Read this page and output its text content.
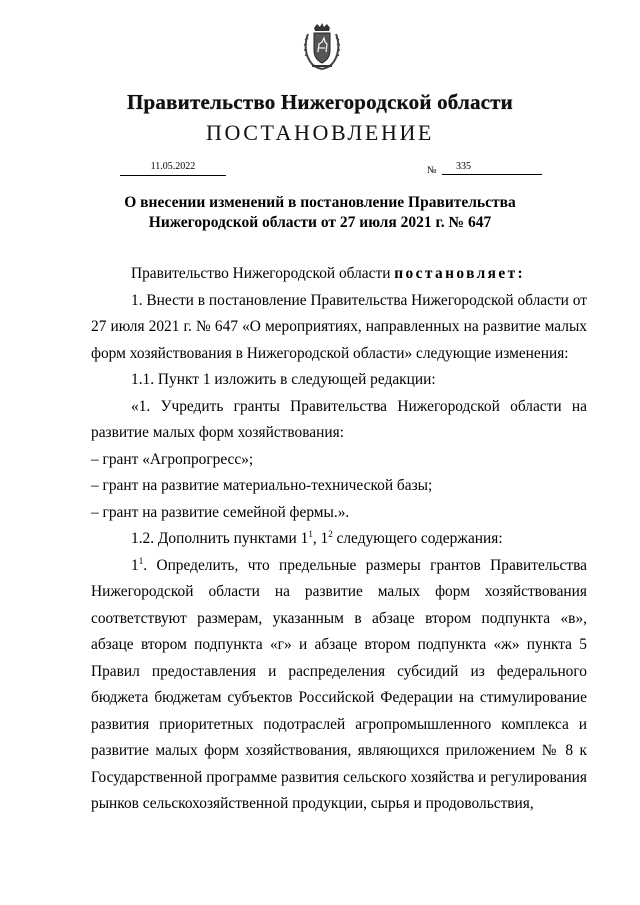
Правительство Нижегородской области
ПОСТАНОВЛЕНИЕ
11.05.2022	№	335
О внесении изменений в постановление Правительства
Нижегородской области от 27 июля 2021 г. № 647

Правительство Нижегородской области постановляет:

1. Внести в постановление Правительства Нижегородской области от 27 июля 2021 г. № 647 «О мероприятиях, направленных на развитие малых форм хозяйствования в Нижегородской области» следующие изменения:

1.1. Пункт 1 изложить в следующей редакции:

«1. Учредить гранты Правительства Нижегородской области на развитие малых форм хозяйствования:

– грант «Агропрогресс»;

– грант на развитие материально-технической базы;

– грант на развитие семейной фермы.».

1.2. Дополнить пунктами $1^1$, $1^2$ следующего содержания:

$1^1$. Определить, что предельные размеры грантов Правительства Нижегородской области на развитие малых форм хозяйствования соответствуют размерам, указанным в абзаце втором подпункта «в», абзаце втором подпункта «г» и абзаце втором подпункта «ж» пункта 5 Правил предоставления и распределения субсидий из федерального бюджета бюджетам субъектов Российской Федерации на стимулирование развития приоритетных подотраслей агропромышленного комплекса и развитие малых форм хозяйствования, являющихся приложением № 8 к Государственной программе развития сельского хозяйства и регулирования рынков сельскохозяйственной продукции, сырья и продовольствия,
